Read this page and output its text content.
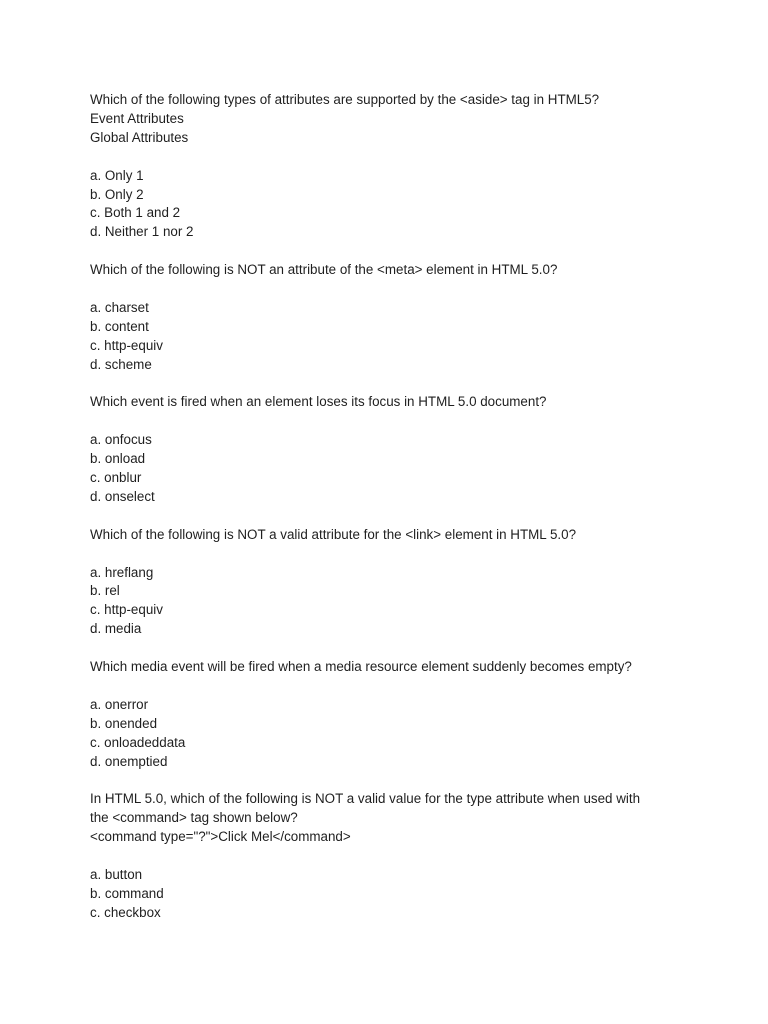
Which of the following types of attributes are supported by the <aside> tag in HTML5?
Event Attributes
Global Attributes
a. Only 1
b. Only 2
c. Both 1 and 2
d. Neither 1 nor 2
Which of the following is NOT an attribute of the <meta> element in HTML 5.0?
a. charset
b. content
c. http-equiv
d. scheme
Which event is fired when an element loses its focus in HTML 5.0 document?
a. onfocus
b. onload
c. onblur
d. onselect
Which of the following is NOT a valid attribute for the <link> element in HTML 5.0?
a. hreflang
b. rel
c. http-equiv
d. media
Which media event will be fired when a media resource element suddenly becomes empty?
a. onerror
b. onended
c. onloadeddata
d. onemptied
In HTML 5.0, which of the following is NOT a valid value for the type attribute when used with
the <command> tag shown below?
<command type="?">Click Mel</command>
a. button
b. command
c. checkbox
